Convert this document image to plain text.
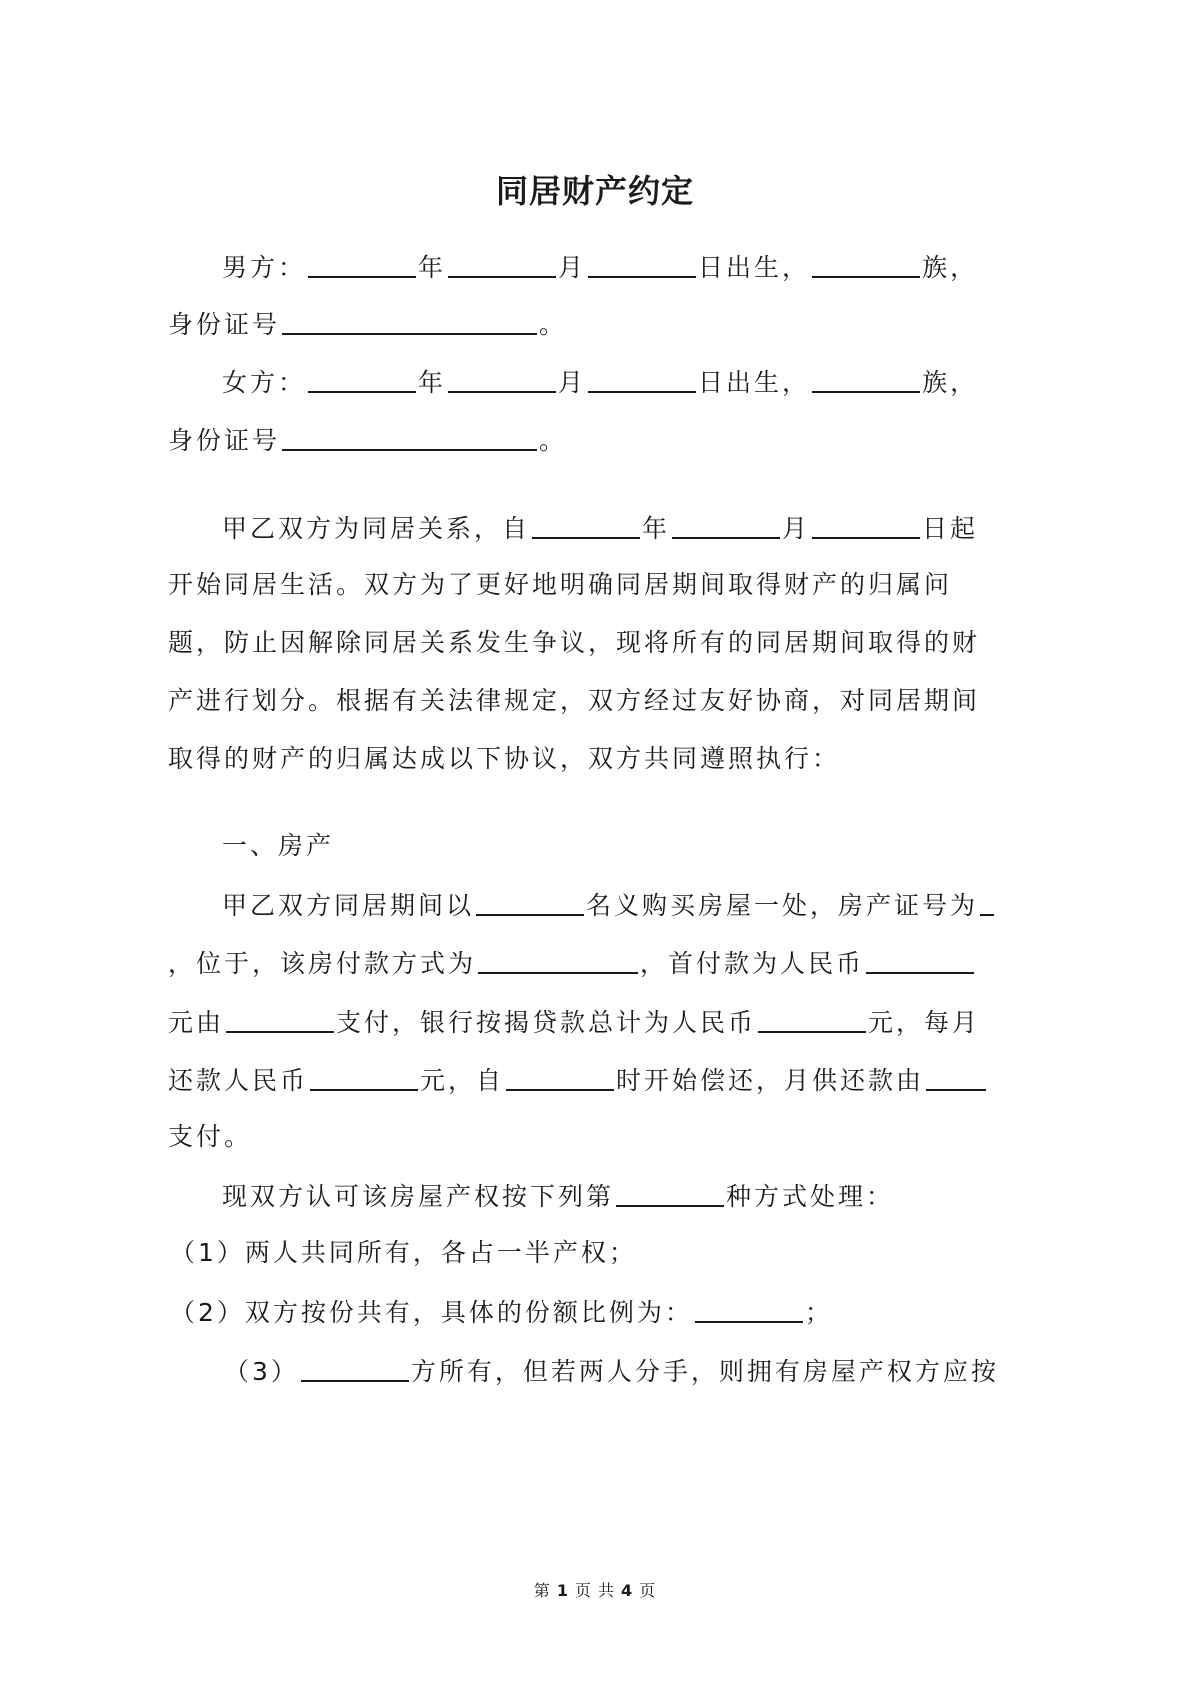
同居财产约定
男方：	年	月	日出生，	族，
身份证号	。
女方：	年	月	日出生，	族，
身份证号	。
甲乙双方为同居关系，自	年	月	日起
开始同居生活。双方为了更好地明确同居期间取得财产的归属问
题，防止因解除同居关系发生争议，现将所有的同居期间取得的财
产进行划分。根据有关法律规定，双方经过友好协商，对同居期间
取得的财产的归属达成以下协议，双方共同遵照执行：
一、房产
甲乙双方同居期间以	名义购买房屋一处，房产证号为
，位于，该房付款方式为	，首付款为人民币
元由	支付，银行按揭贷款总计为人民币	元，每月
还款人民币	元，自	时开始偿还，月供还款由
支付。
现双方认可该房屋产权按下列第	种方式处理：
（1）两人共同所有，各占一半产权；
（2）双方按份共有，具体的份额比例为：	；
（3）	方所有，但若两人分手，则拥有房屋产权方应按
第 1 页 共 4 页
